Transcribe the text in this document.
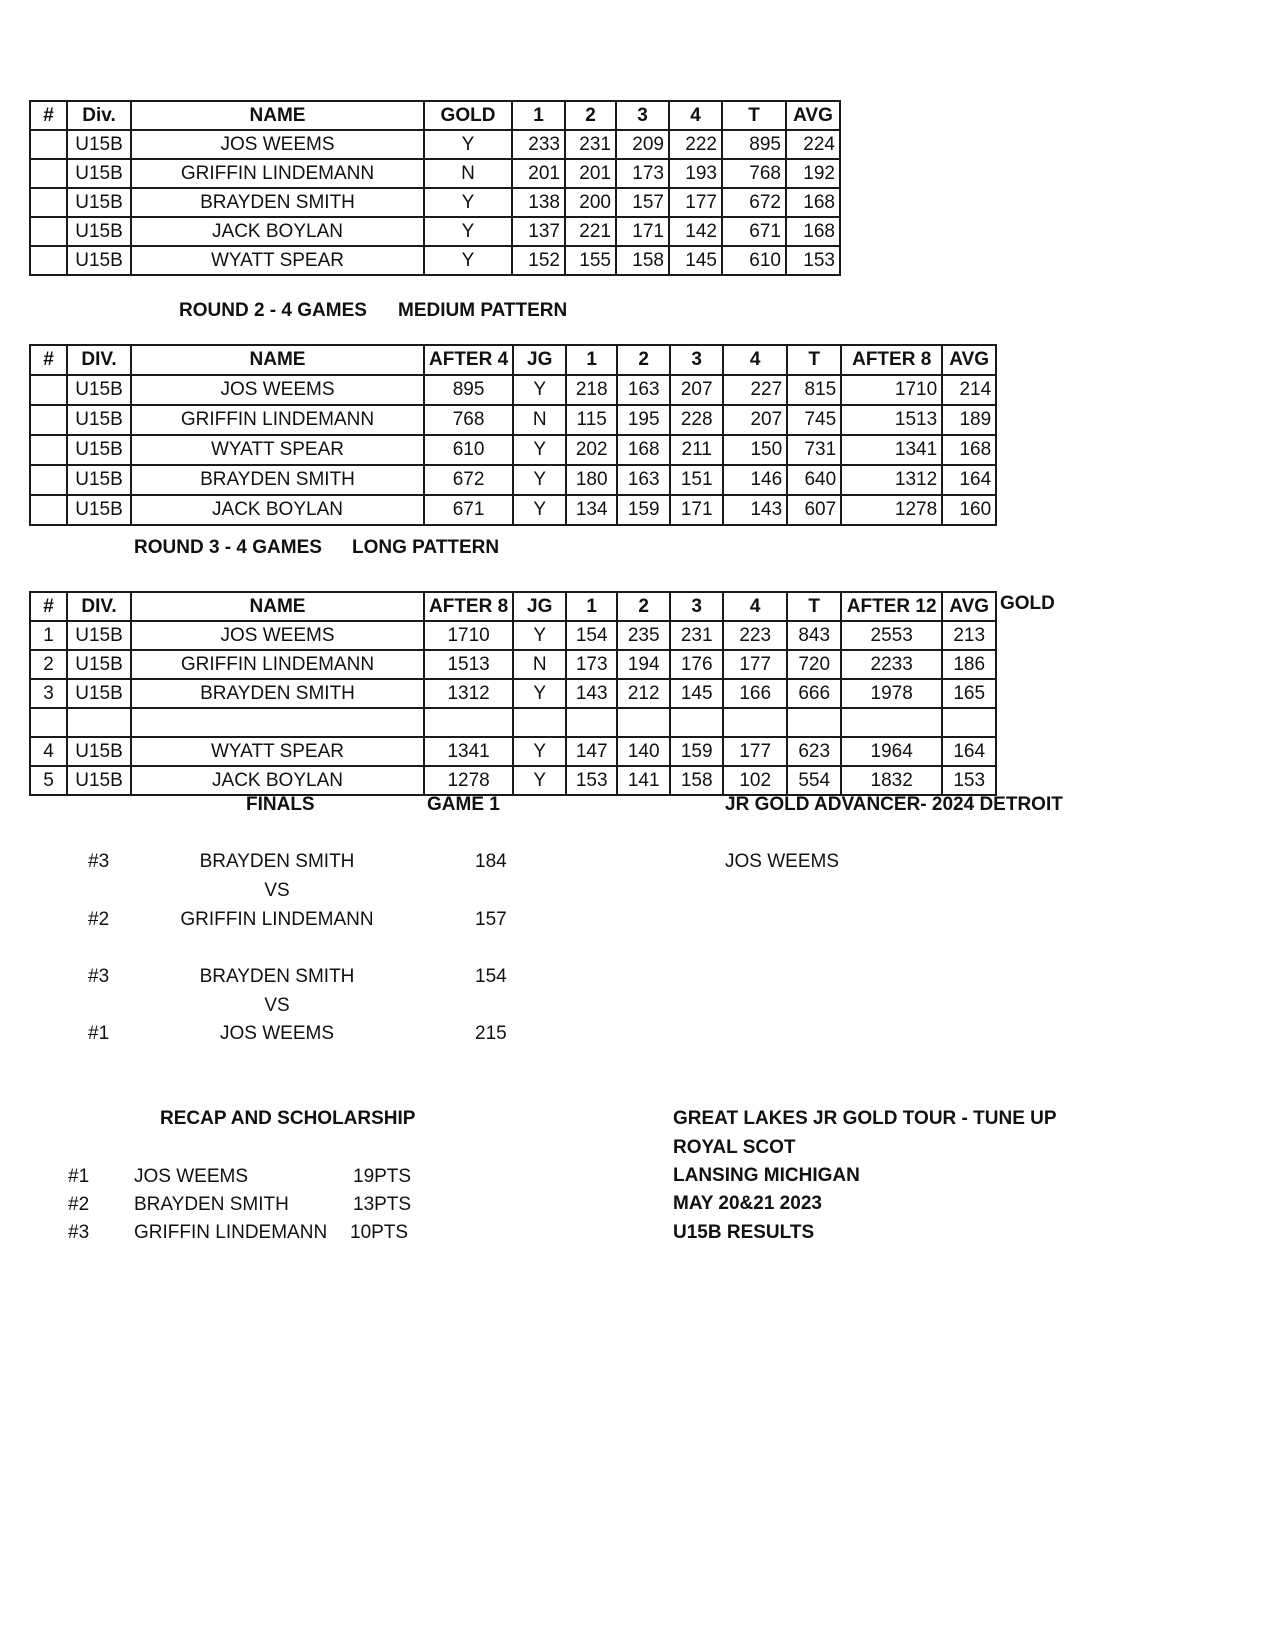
#	Div.	NAME	GOLD	1	2	3	4	T	AVG
	U15B	JOS WEEMS	Y	233	231	209	222	895	224
	U15B	GRIFFIN LINDEMANN	N	201	201	173	193	768	192
	U15B	BRAYDEN SMITH	Y	138	200	157	177	672	168
	U15B	JACK BOYLAN	Y	137	221	171	142	671	168
	U15B	WYATT SPEAR	Y	152	155	158	145	610	153
ROUND 2 - 4 GAMES MEDIUM PATTERN
#	DIV.	NAME	AFTER 4	JG	1	2	3	4	T	AFTER 8	AVG
	U15B	JOS WEEMS	895	Y	218	163	207	227	815	1710	214
	U15B	GRIFFIN LINDEMANN	768	N	115	195	228	207	745	1513	189
	U15B	WYATT SPEAR	610	Y	202	168	211	150	731	1341	168
	U15B	BRAYDEN SMITH	672	Y	180	163	151	146	640	1312	164
	U15B	JACK BOYLAN	671	Y	134	159	171	143	607	1278	160
ROUND 3 - 4 GAMES LONG PATTERN
#	DIV.	NAME	AFTER 8	JG	1	2	3	4	T	AFTER 12	AVG
1	U15B	JOS WEEMS	1710	Y	154	235	231	223	843	2553	213
2	U15B	GRIFFIN LINDEMANN	1513	N	173	194	176	177	720	2233	186
3	U15B	BRAYDEN SMITH	1312	Y	143	212	145	166	666	1978	165

4	U15B	WYATT SPEAR	1341	Y	147	140	159	177	623	1964	164
5	U15B	JACK BOYLAN	1278	Y	153	141	158	102	554	1832	153
GOLD
FINALS	GAME 1
#3	BRAYDEN SMITH	184
VS
#2	GRIFFIN LINDEMANN	157
#3	BRAYDEN SMITH	154
VS
#1	JOS WEEMS	215
JR GOLD ADVANCER- 2024 DETROIT
JOS WEEMS
RECAP AND SCHOLARSHIP
#1 JOS WEEMS	19PTS
#2 BRAYDEN SMITH	13PTS
#3 GRIFFIN LINDEMANN 10PTS
GREAT LAKES JR GOLD TOUR - TUNE UP
ROYAL SCOT
LANSING MICHIGAN
MAY 20&21 2023
U15B RESULTS
